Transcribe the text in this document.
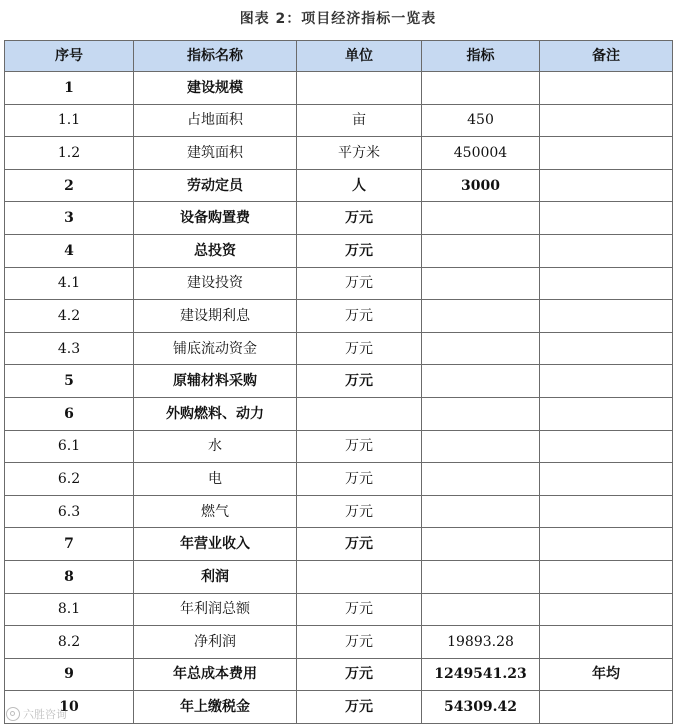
图表 2：项目经济指标一览表
序号	指标名称	单位	指标	备注
1	建设规模			
1.1	占地面积	亩	450	
1.2	建筑面积	平方米	450004	
2	劳动定员	人	3000	
3	设备购置费	万元		
4	总投资	万元		
4.1	建设投资	万元		
4.2	建设期利息	万元		
4.3	铺底流动资金	万元		
5	原辅材料采购	万元		
6	外购燃料、动力			
6.1	水	万元		
6.2	电	万元		
6.3	燃气	万元		
7	年营业收入	万元		
8	利润			
8.1	年利润总额	万元		
8.2	净利润	万元	19893.28	
9	年总成本费用	万元	1249541.23	年均
10	年上缴税金	万元	54309.42	
六胜咨询
